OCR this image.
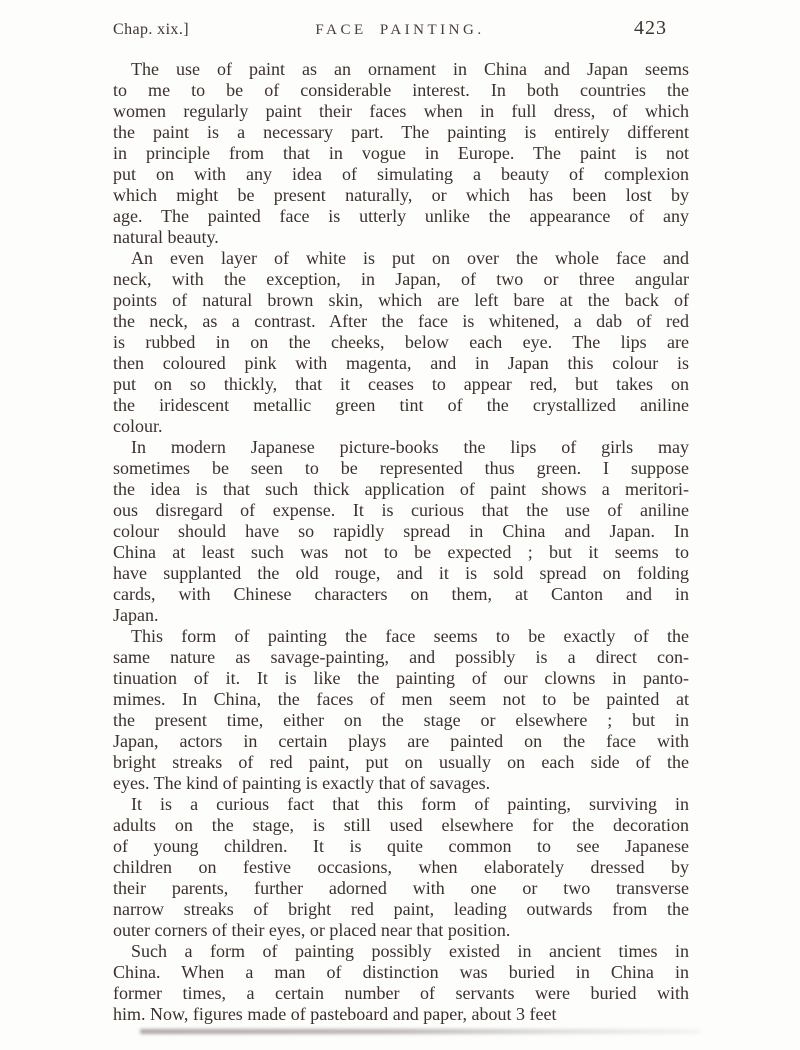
Chap. xix.]	FACE PAINTING.	423
The use of paint as an ornament in China and Japan seems
to me to be of considerable interest. In both countries the
women regularly paint their faces when in full dress, of which
the paint is a necessary part. The painting is entirely different
in principle from that in vogue in Europe. The paint is not
put on with any idea of simulating a beauty of complexion
which might be present naturally, or which has been lost by
age. The painted face is utterly unlike the appearance of any
natural beauty.
An even layer of white is put on over the whole face and
neck, with the exception, in Japan, of two or three angular
points of natural brown skin, which are left bare at the back of
the neck, as a contrast. After the face is whitened, a dab of red
is rubbed in on the cheeks, below each eye. The lips are
then coloured pink with magenta, and in Japan this colour is
put on so thickly, that it ceases to appear red, but takes on
the iridescent metallic green tint of the crystallized aniline
colour.
In modern Japanese picture-books the lips of girls may
sometimes be seen to be represented thus green. I suppose
the idea is that such thick application of paint shows a meritori-
ous disregard of expense. It is curious that the use of aniline
colour should have so rapidly spread in China and Japan. In
China at least such was not to be expected ; but it seems to
have supplanted the old rouge, and it is sold spread on folding
cards, with Chinese characters on them, at Canton and in
Japan.
This form of painting the face seems to be exactly of the
same nature as savage-painting, and possibly is a direct con-
tinuation of it. It is like the painting of our clowns in panto-
mimes. In China, the faces of men seem not to be painted at
the present time, either on the stage or elsewhere ; but in
Japan, actors in certain plays are painted on the face with
bright streaks of red paint, put on usually on each side of the
eyes. The kind of painting is exactly that of savages.
It is a curious fact that this form of painting, surviving in
adults on the stage, is still used elsewhere for the decoration
of young children. It is quite common to see Japanese
children on festive occasions, when elaborately dressed by
their parents, further adorned with one or two transverse
narrow streaks of bright red paint, leading outwards from the
outer corners of their eyes, or placed near that position.
Such a form of painting possibly existed in ancient times in
China. When a man of distinction was buried in China in
former times, a certain number of servants were buried with
him. Now, figures made of pasteboard and paper, about 3 feet
